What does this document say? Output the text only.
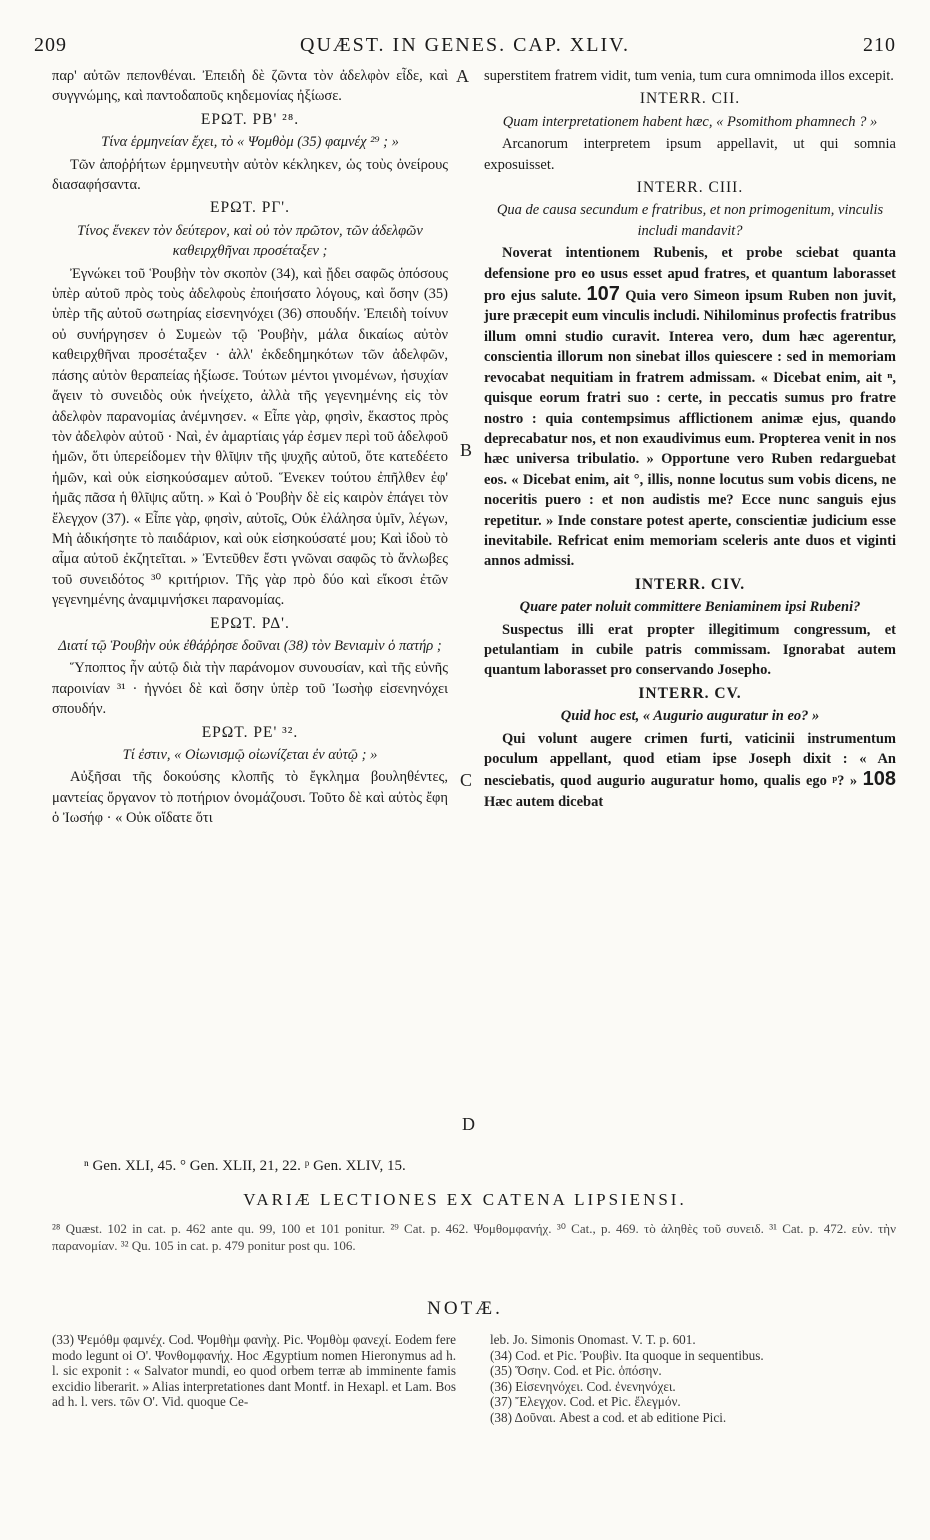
209	QUÆST. IN GENES. CAP. XLIV.	210
A
B
C
D

παρ' αὐτῶν πεπονθέναι. Ἐπειδὴ δὲ ζῶντα τὸν ἀδελφὸν εἶδε, καὶ συγγνώμης, καὶ παντοδαποῦς κηδεμονίας ἠξίωσε.

ΕΡΩΤ. ΡΒ' ²⁸.
Τίνα ἑρμηνείαν ἔχει, τὸ « Ψομθὸμ (35) φαμνέχ ²⁹ ; »

Τῶν ἀποῤῥήτων ἑρμηνευτὴν αὐτὸν κέκληκεν, ὡς τοὺς ὀνείρους διασαφήσαντα.

ΕΡΩΤ. ΡΓ'.
Τίνος ἕνεκεν τὸν δεύτερον, καὶ οὐ τὸν πρῶτον, τῶν ἀδελφῶν καθειρχθῆναι προσέταξεν ;

Ἐγνώκει τοῦ Ῥουβὴν τὸν σκοπὸν (34), καὶ ᾔδει σαφῶς ὁπόσους ὑπὲρ αὐτοῦ πρὸς τοὺς ἀδελφοὺς ἐποιήσατο λόγους, καὶ ὅσην (35) ὑπὲρ τῆς αὐτοῦ σωτηρίας εἰσενηνόχει (36) σπουδήν. Ἐπειδὴ τοίνυν οὐ συνήργησεν ὁ Συμεὼν τῷ Ῥουβὴν, μάλα δικαίως αὐτὸν καθειρχθῆναι προσέταξεν · ἀλλ' ἐκδεδημηκότων τῶν ἀδελφῶν, πάσης αὐτὸν θεραπείας ἠξίωσε. Τούτων μέντοι γινομένων, ἡσυχίαν ἄγειν τὸ συνειδὸς οὐκ ἠνείχετο, ἀλλὰ τῆς γεγενημένης εἰς τὸν ἀδελφὸν παρανομίας ἀνέμνησεν. « Εἶπε γὰρ, φησὶν, ἕκαστος πρὸς τὸν ἀδελφὸν αὐτοῦ · Ναὶ, ἐν ἁμαρτίαις γάρ ἐσμεν περὶ τοῦ ἀδελφοῦ ἡμῶν, ὅτι ὑπερείδομεν τὴν θλῖψιν τῆς ψυχῆς αὐτοῦ, ὅτε κατεδέετο ἡμῶν, καὶ οὐκ εἰσηκούσαμεν αὐτοῦ. Ἕνεκεν τούτου ἐπῆλθεν ἐφ' ἡμᾶς πᾶσα ἡ θλῖψις αὕτη. » Καὶ ὁ Ῥουβὴν δὲ εἰς καιρὸν ἐπάγει τὸν ἔλεγχον (37). « Εἶπε γὰρ, φησὶν, αὐτοῖς, Οὐκ ἐλάλησα ὑμῖν, λέγων, Μὴ ἀδικήσητε τὸ παιδάριον, καὶ οὐκ εἰσηκούσατέ μου; Καὶ ἰδοὺ τὸ αἷμα αὐτοῦ ἐκζητεῖται. » Ἐντεῦθεν ἔστι γνῶναι σαφῶς τὸ ἄνλωβες τοῦ συνειδότος ³⁰ κριτήριον. Τῆς γὰρ πρὸ δύο καὶ εἴκοσι ἐτῶν γεγενημένης ἀναμιμνήσκει παρανομίας.

ΕΡΩΤ. ΡΔ'.
Διατί τῷ Ῥουβὴν οὐκ ἐθάῤῥησε δοῦναι (38) τὸν Βενιαμὶν ὁ πατήρ ;

Ὕποπτος ἦν αὐτῷ διὰ τὴν παράνομον συνουσίαν, καὶ τῆς εὐνῆς παροινίαν ³¹ · ἠγνόει δὲ καὶ ὅσην ὑπὲρ τοῦ Ἰωσὴφ εἰσενηνόχει σπουδήν.

ΕΡΩΤ. ΡΕ' ³².
Τί ἐστιν, « Οἰωνισμῷ οἰωνίζεται ἐν αὐτῷ ; »

Αὐξῆσαι τῆς δοκούσης κλοπῆς τὸ ἔγκλημα βουληθέντες, μαντείας ὄργανον τὸ ποτήριον ὀνομάζουσι. Τοῦτο δὲ καὶ αὐτὸς ἔφη ὁ Ἰωσήφ · « Οὐκ οἴδατε ὅτι

superstitem fratrem vidit, tum venia, tum cura omnimoda illos excepit.

INTERR. CII.
Quam interpretationem habent hæc, « Psomithom phamnech ? »

Arcanorum interpretem ipsum appellavit, ut qui somnia exposuisset.

INTERR. CIII.
Qua de causa secundum e fratribus, et non primogenitum, vinculis includi mandavit?

Noverat intentionem Rubenis, et probe sciebat quanta defensione pro eo usus esset apud fratres, et quantum laborasset pro ejus salute. 107 Quia vero Simeon ipsum Ruben non juvit, jure præcepit eum vinculis includi. Nihilominus profectis fratribus illum omni studio curavit. Interea vero, dum hæc agerentur, conscientia illorum non sinebat illos quiescere : sed in memoriam revocabat nequitiam in fratrem admissam. « Dicebat enim, ait ⁿ, quisque eorum fratri suo : certe, in peccatis sumus pro fratre nostro : quia contempsimus afflictionem animæ ejus, quando deprecabatur nos, et non exaudivimus eum. Propterea venit in nos hæc universa tribulatio. » Opportune vero Ruben redarguebat eos. « Dicebat enim, ait °, illis, nonne locutus sum vobis dicens, ne noceritis puero : et non audistis me? Ecce nunc sanguis ejus repetitur. » Inde constare potest aperte, conscientiæ judicium esse inevitabile. Refricat enim memoriam sceleris ante duos et viginti annos admissi.

INTERR. CIV.
Quare pater noluit committere Beniaminem ipsi Rubeni?

Suspectus illi erat propter illegitimum congressum, et petulantiam in cubile patris commissam. Ignorabat autem quantum laborasset pro conservando Josepho.

INTERR. CV.
Quid hoc est, « Augurio auguratur in eo? »

Qui volunt augere crimen furti, vaticinii instrumentum poculum appellant, quod etiam ipse Joseph dixit : « An nesciebatis, quod augurio auguratur homo, qualis ego ᵖ? » 108 Hæc autem dicebat

ⁿ Gen. XLI, 45. ° Gen. XLII, 21, 22. ᵖ Gen. XLIV, 15.
VARIÆ LECTIONES EX CATENA LIPSIENSI.
²⁸ Quæst. 102 in cat. p. 462 ante qu. 99, 100 et 101 ponitur. ²⁹ Cat. p. 462. Ψομθομφανήχ. ³⁰ Cat., p. 469. τὸ ἀληθὲς τοῦ συνειδ. ³¹ Cat. p. 472. εὐν. τὴν παρανομίαν. ³² Qu. 105 in cat. p. 479 ponitur post qu. 106.
NOTÆ.

(33) Ψεμόθμ φαμνέχ. Cod. Ψομθὴμ φανὴχ. Pic. Ψομθὸμ φανεχί. Eodem fere modo legunt oi Ο'. Ψονθομφανήχ. Hoc Ægyptium nomen Hieronymus ad h. l. sic exponit : « Salvator mundi, eo quod orbem terræ ab imminente famis excidio liberarit. » Alias interpretationes dant Montf. in Hexapl. et Lam. Bos ad h. l. vers. τῶν Ο'. Vid. quoque Ce-

leb. Jo. Simonis Onomast. V. T. p. 601.

(34) Cod. et Pic. Ῥουβὶν. Ita quoque in sequentibus.

(35) Ὅσην. Cod. et Pic. ὁπόσην.

(36) Εἰσενηνόχει. Cod. ἐνενηνόχει.

(37) Ἔλεγχον. Cod. et Pic. ἔλεγμόν.

(38) Δοῦναι. Abest a cod. et ab editione Pici.
